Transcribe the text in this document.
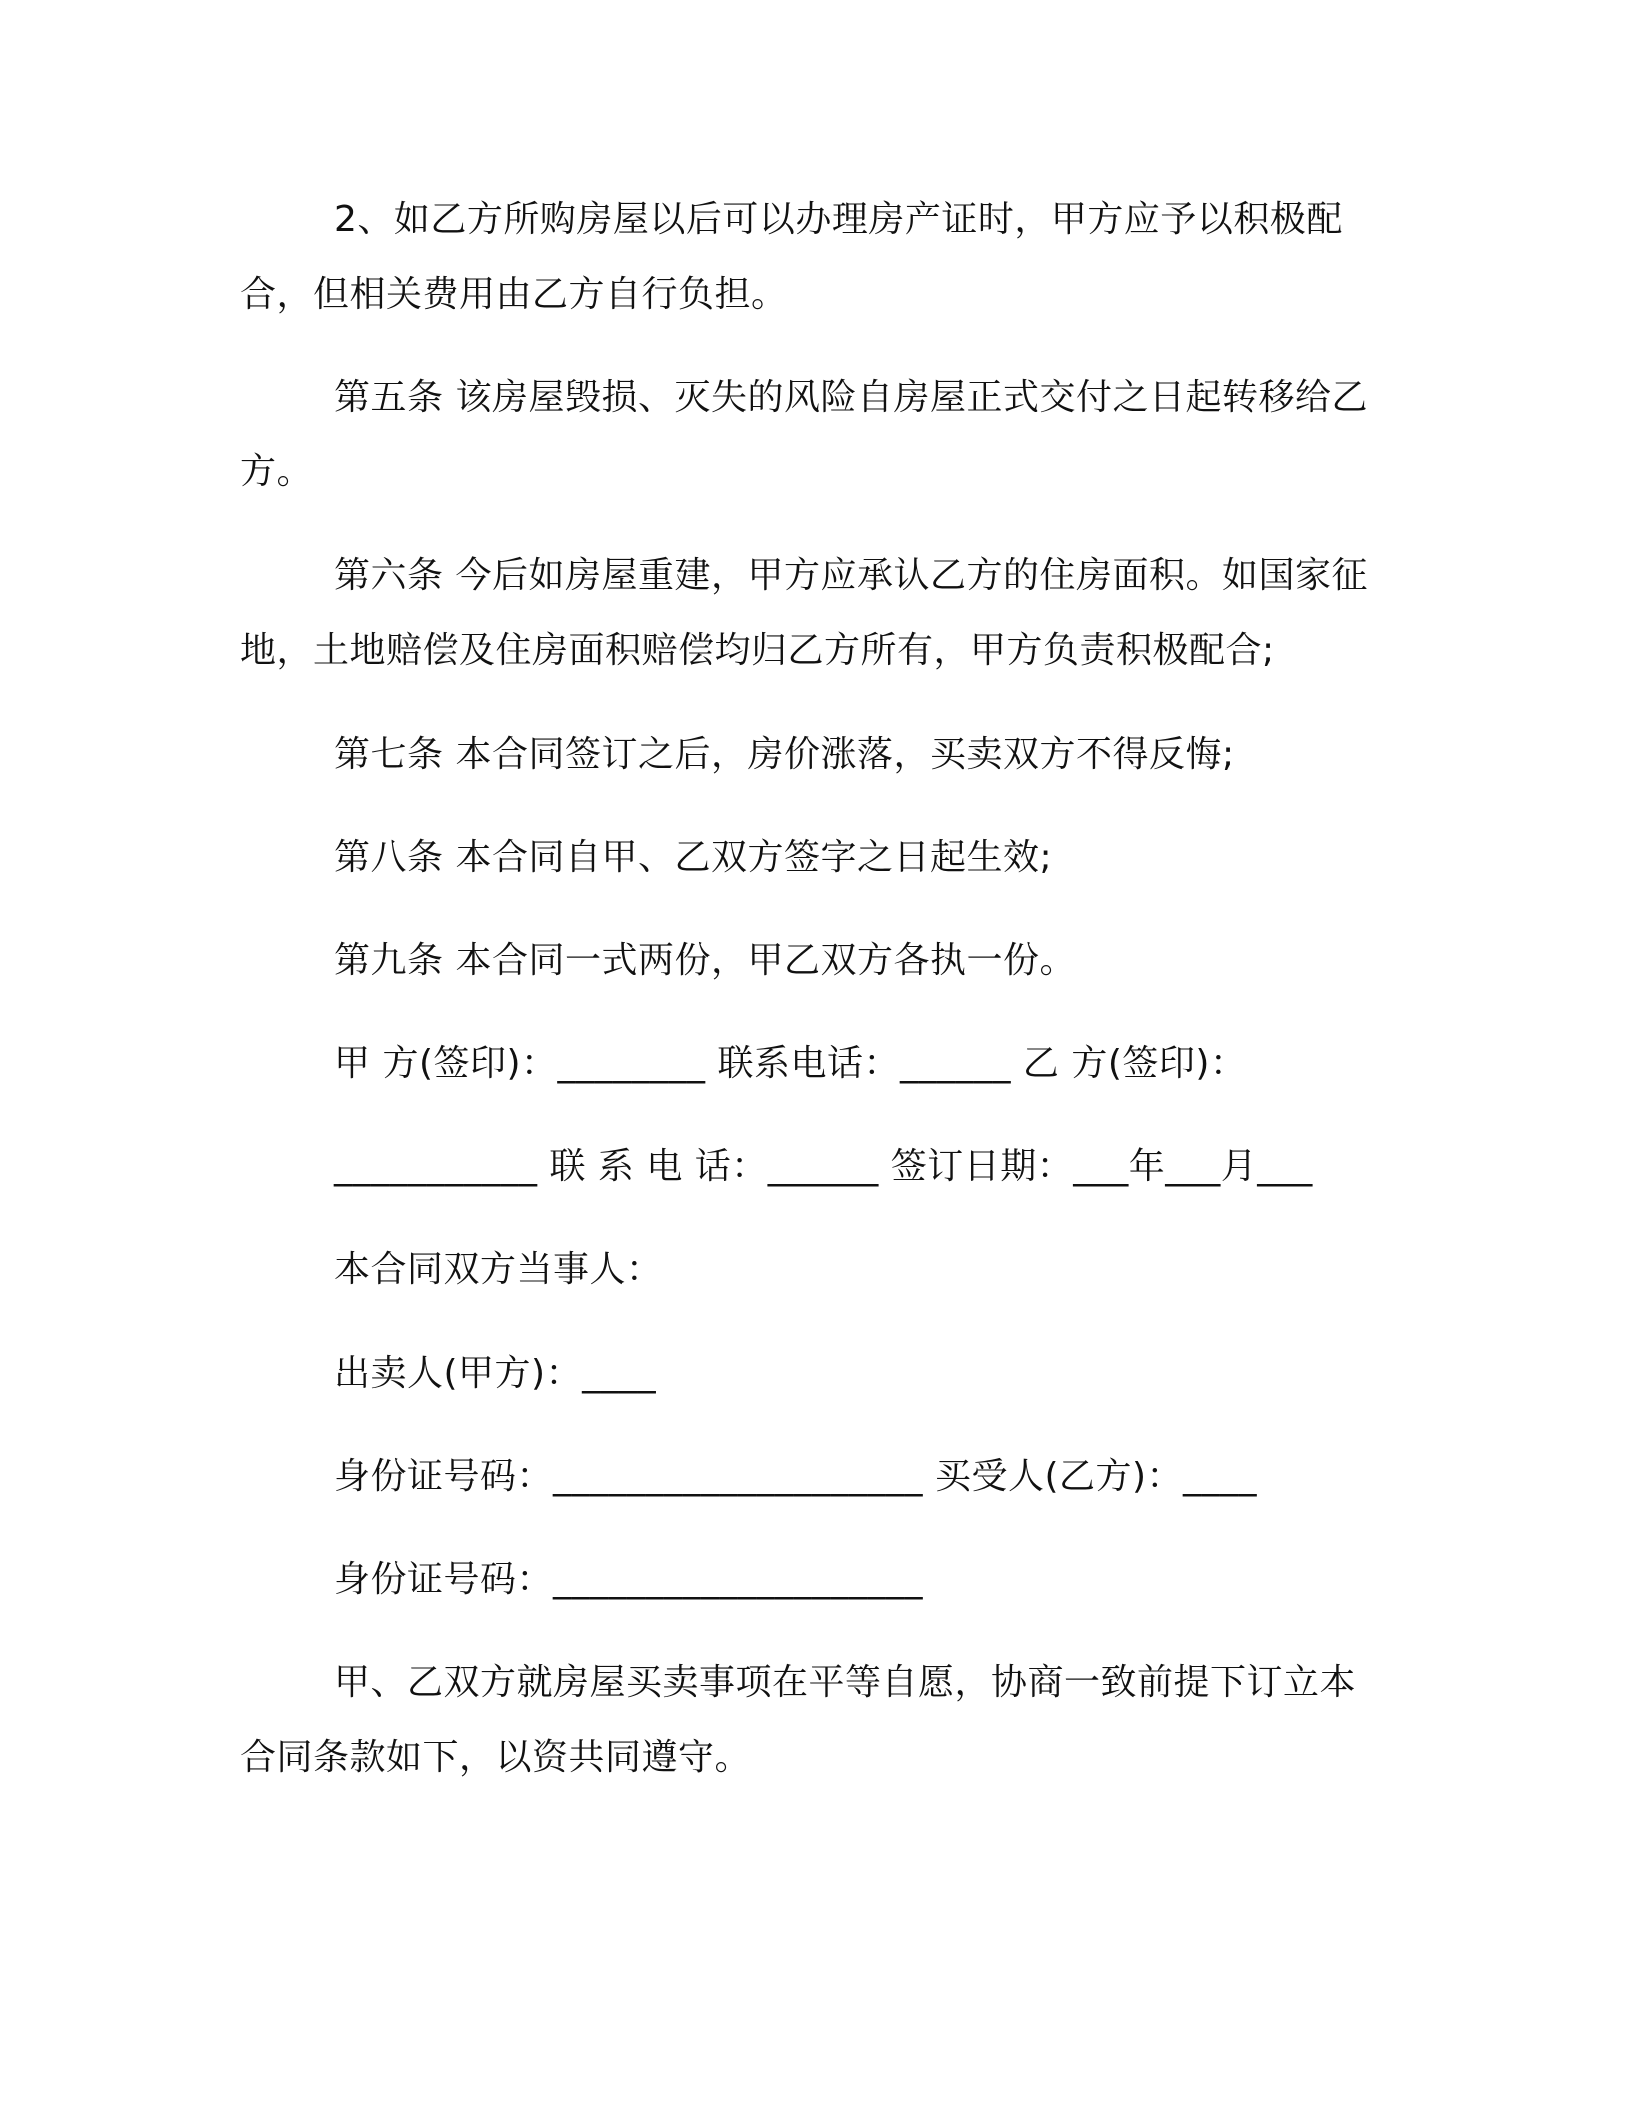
2、如乙方所购房屋以后可以办理房产证时，甲方应予以积极配
合，但相关费用由乙方自行负担。
第五条 该房屋毁损、灭失的风险自房屋正式交付之日起转移给乙
方。
第六条 今后如房屋重建，甲方应承认乙方的住房面积。如国家征
地，土地赔偿及住房面积赔偿均归乙方所有，甲方负责积极配合;
第七条 本合同签订之后，房价涨落，买卖双方不得反悔;
第八条 本合同自甲、乙双方签字之日起生效;
第九条 本合同一式两份，甲乙双方各执一份。
甲 方(签印)：________ 联系电话：______ 乙 方(签印)：
___________ 联 系 电 话：______ 签订日期：___年___月___
本合同双方当事人：
出卖人(甲方)：____
身份证号码：____________________ 买受人(乙方)：____
身份证号码：____________________
甲、乙双方就房屋买卖事项在平等自愿，协商一致前提下订立本
合同条款如下，以资共同遵守。
